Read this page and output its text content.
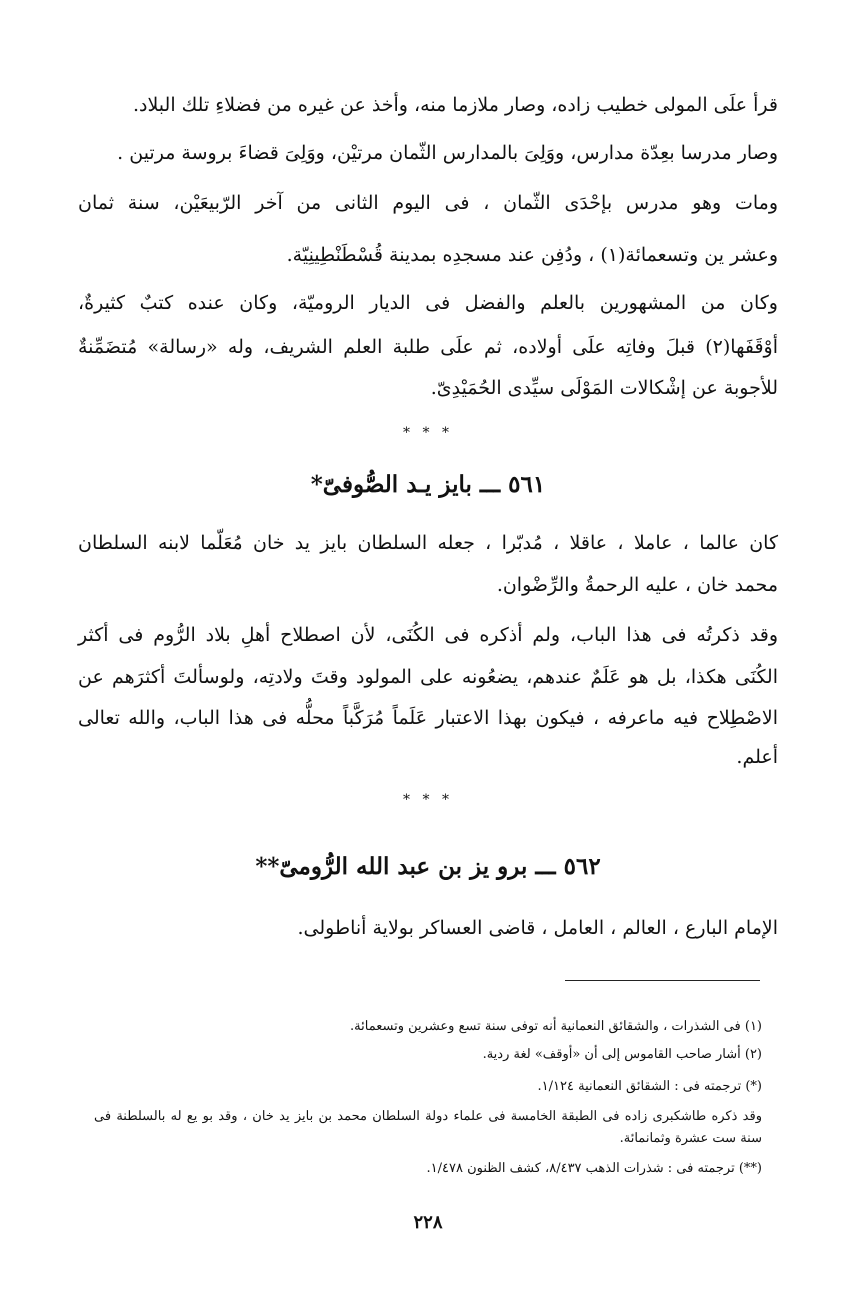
قرأ علَى المولى خطيب زاده، وصار ملازما منه، وأخذ عن غيره من فضلاءِ تلك البلاد.
وصار مدرسا بعِدّة مدارس، ووَلِىَ بالمدارس الثّمان مرتيْن، ووَلِىَ قضاءَ بروسة مرتين .
ومات وهو مدرس بإحْدَى الثّمان ، فى اليوم الثانى من آخر الرّبيعَيْن، سنة ثمان
وعشر ين وتسعمائة(١) ، ودُفِن عند مسجدِه بمدينة قُسْطَنْطِينِيّة.
وكان من المشهورين بالعلم والفضل فى الديار الروميّة، وكان عنده كتبٌ كثيرةٌ،
أوْقَفَها(٢) قبلَ وفاتِه علَى أولاده، ثم علَى طلبة العلم الشريف، وله «رسالة» مُتضَمِّنةٌ
للأجوبة عن إشْكالات المَوْلَى سيِّدى الحُمَيْدِىّ.
* * *
٥٦١ ـــ بايز يـد الصُّوفىّ*
كان عالما ، عاملا ، عاقلا ، مُدبّرا ، جعله السلطان بايز يد خان مُعَلّما لابنه السلطان
محمد خان ، عليه الرحمةُ والرِّضْوان.
وقد ذكرتُه فى هذا الباب، ولم أذكره فى الكُنَى، لأن اصطلاح أهلِ بلاد الرُّوم فى أكثر
الكُنَى هكذا، بل هو عَلَمٌ عندهم، يضعُونه على المولود وقتَ ولادتِه، ولوسألتَ أكثرَهم عن
الاصْطِلاح فيه ماعرفه ، فيكون بهذا الاعتبار عَلَماً مُرَكَّباً محلُّه فى هذا الباب، والله تعالى
أعلم.
* * *
٥٦٢ ـــ برو يز بن عبد الله الرُّومىّ**
الإمام البارع ، العالم ، العامل ، قاضى العساكر بولاية أناطولى.
(١) فى الشذرات ، والشقائق النعمانية أنه توفى سنة تسع وعشرين وتسعمائة.
(٢) أشار صاحب القاموس إلى أن «أوقف» لغة ردية.
(*) ترجمته فى : الشقائق النعمانية ١/١٢٤.
وقد ذكره طاشكبرى زاده فى الطبقة الخامسة فى علماء دولة السلطان محمد بن بايز يد خان ، وقد بو يع له بالسلطنة فى
سنة ست عشرة وثمانمائة.
(**) ترجمته فى : شذرات الذهب ٨/٤٣٧، كشف الظنون ١/٤٧٨.
٢٢٨
